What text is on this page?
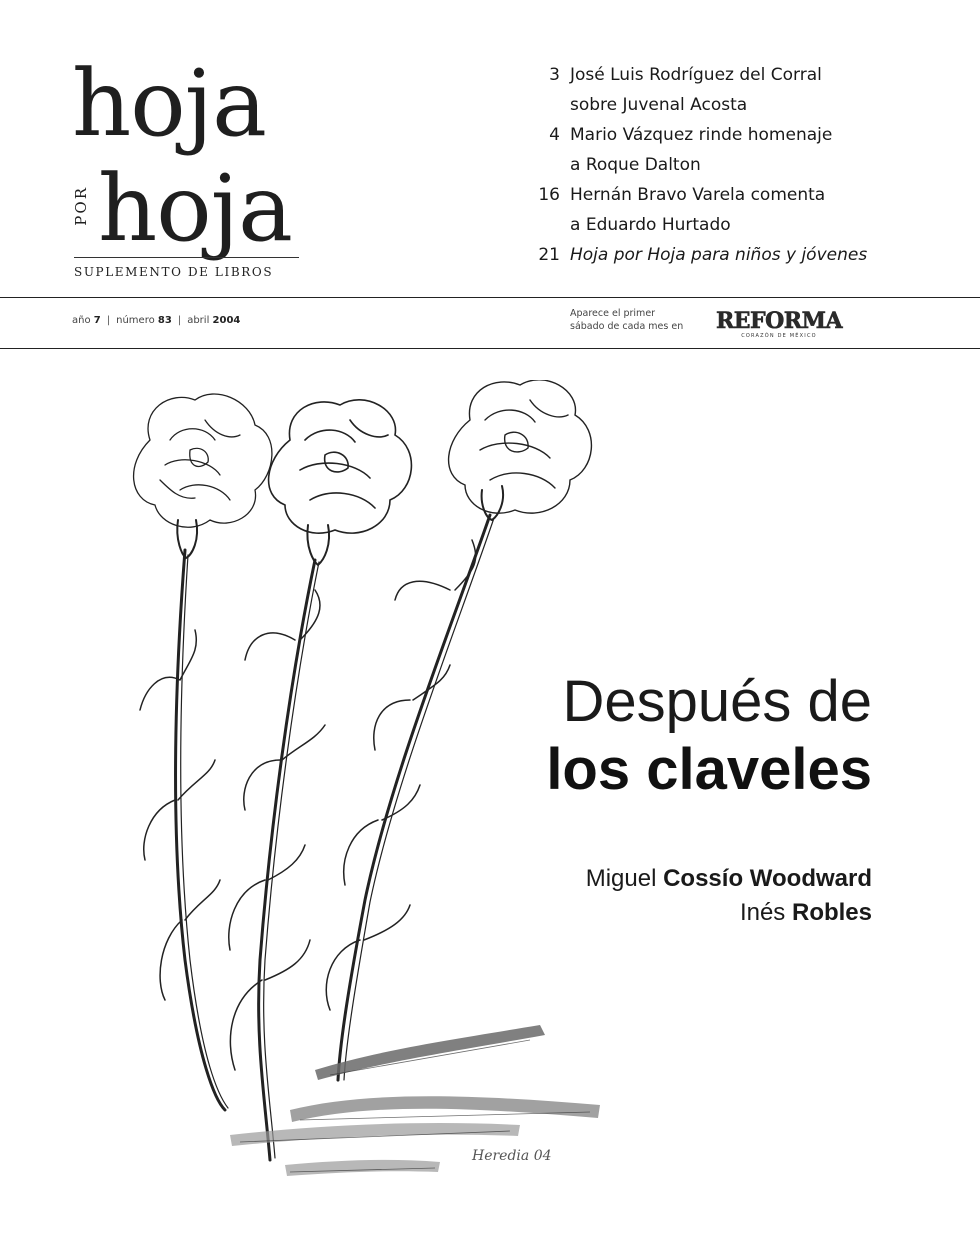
hoja
POR hoja
SUPLEMENTO DE LIBROS
3 José Luis Rodríguez del Corral
sobre Juvenal Acosta
4 Mario Vázquez rinde homenaje
a Roque Dalton
16 Hernán Bravo Varela comenta
a Eduardo Hurtado
21 Hoja por Hoja para niños y jóvenes
año 7 | número 83 | abril 2004
Aparece el primer
sábado de cada mes en	REFORMA
CORAZÓN DE MÉXICO
Heredia 04
Después de
los claveles
Miguel Cossío Woodward
Inés Robles
